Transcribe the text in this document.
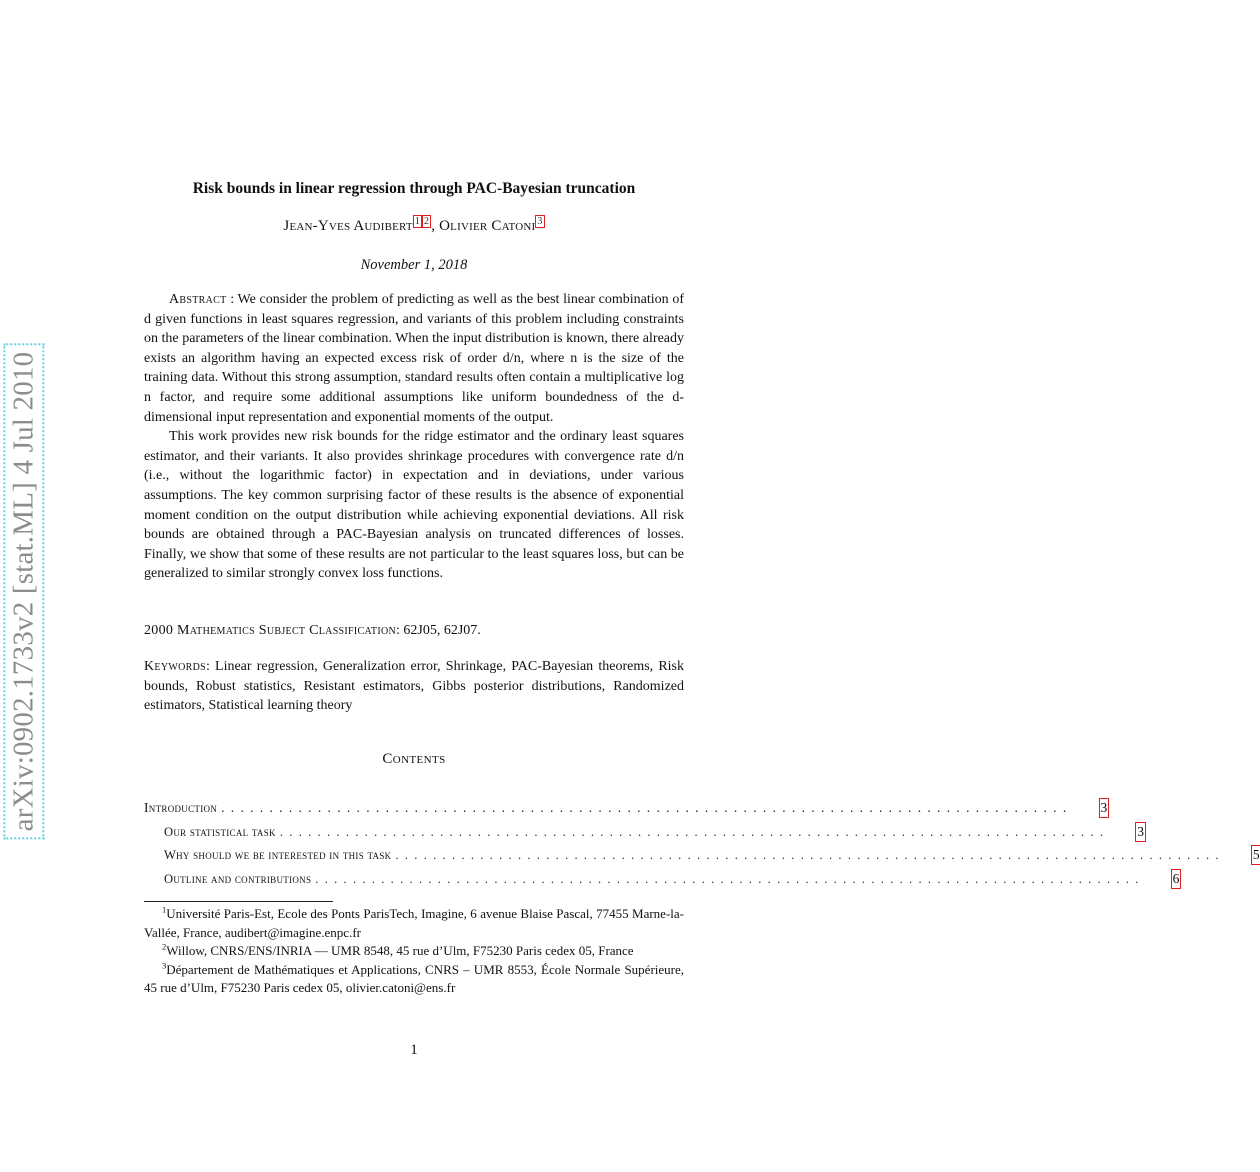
arXiv:0902.1733v2 [stat.ML] 4 Jul 2010
Risk bounds in linear regression through PAC-Bayesian truncation
Jean-Yves Audibert $^1$ $^2$ , Olivier Catoni $^3$
November 1, 2018

Abstract : We consider the problem of predicting as well as the best linear combination of d given functions in least squares regression, and variants of this problem including constraints on the parameters of the linear combination. When the input distribution is known, there already exists an algorithm having an expected excess risk of order d/n, where n is the size of the training data. Without this strong assumption, standard results often contain a multiplicative log n factor, and require some additional assumptions like uniform boundedness of the d-dimensional input representation and exponential moments of the output.

This work provides new risk bounds for the ridge estimator and the ordinary least squares estimator, and their variants. It also provides shrinkage procedures with convergence rate d/n (i.e., without the logarithmic factor) in expectation and in deviations, under various assumptions. The key common surprising factor of these results is the absence of exponential moment condition on the output distribution while achieving exponential deviations. All risk bounds are obtained through a PAC-Bayesian analysis on truncated differences of losses. Finally, we show that some of these results are not particular to the least squares loss, but can be generalized to similar strongly convex loss functions.

2000 Mathematics Subject Classification: 62J05, 62J07.
Keywords: Linear regression, Generalization error, Shrinkage, PAC-Bayesian theorems, Risk bounds, Robust statistics, Resistant estimators, Gibbs posterior distributions, Randomized estimators, Statistical learning theory
Contents
Introduction ........................................................................................ 3
Our statistical task ........................................................................................ 3
Why should we be interested in this task ........................................................................................ 5
Outline and contributions ........................................................................................ 6

$^1$Université Paris-Est, Ecole des Ponts ParisTech, Imagine, 6 avenue Blaise Pascal, 77455 Marne-la-Vallée, France, audibert@imagine.enpc.fr

$^2$Willow, CNRS/ENS/INRIA — UMR 8548, 45 rue d’Ulm, F75230 Paris cedex 05, France

$^3$Département de Mathématiques et Applications, CNRS – UMR 8553, École Normale Supérieure, 45 rue d’Ulm, F75230 Paris cedex 05, olivier.catoni@ens.fr

1
